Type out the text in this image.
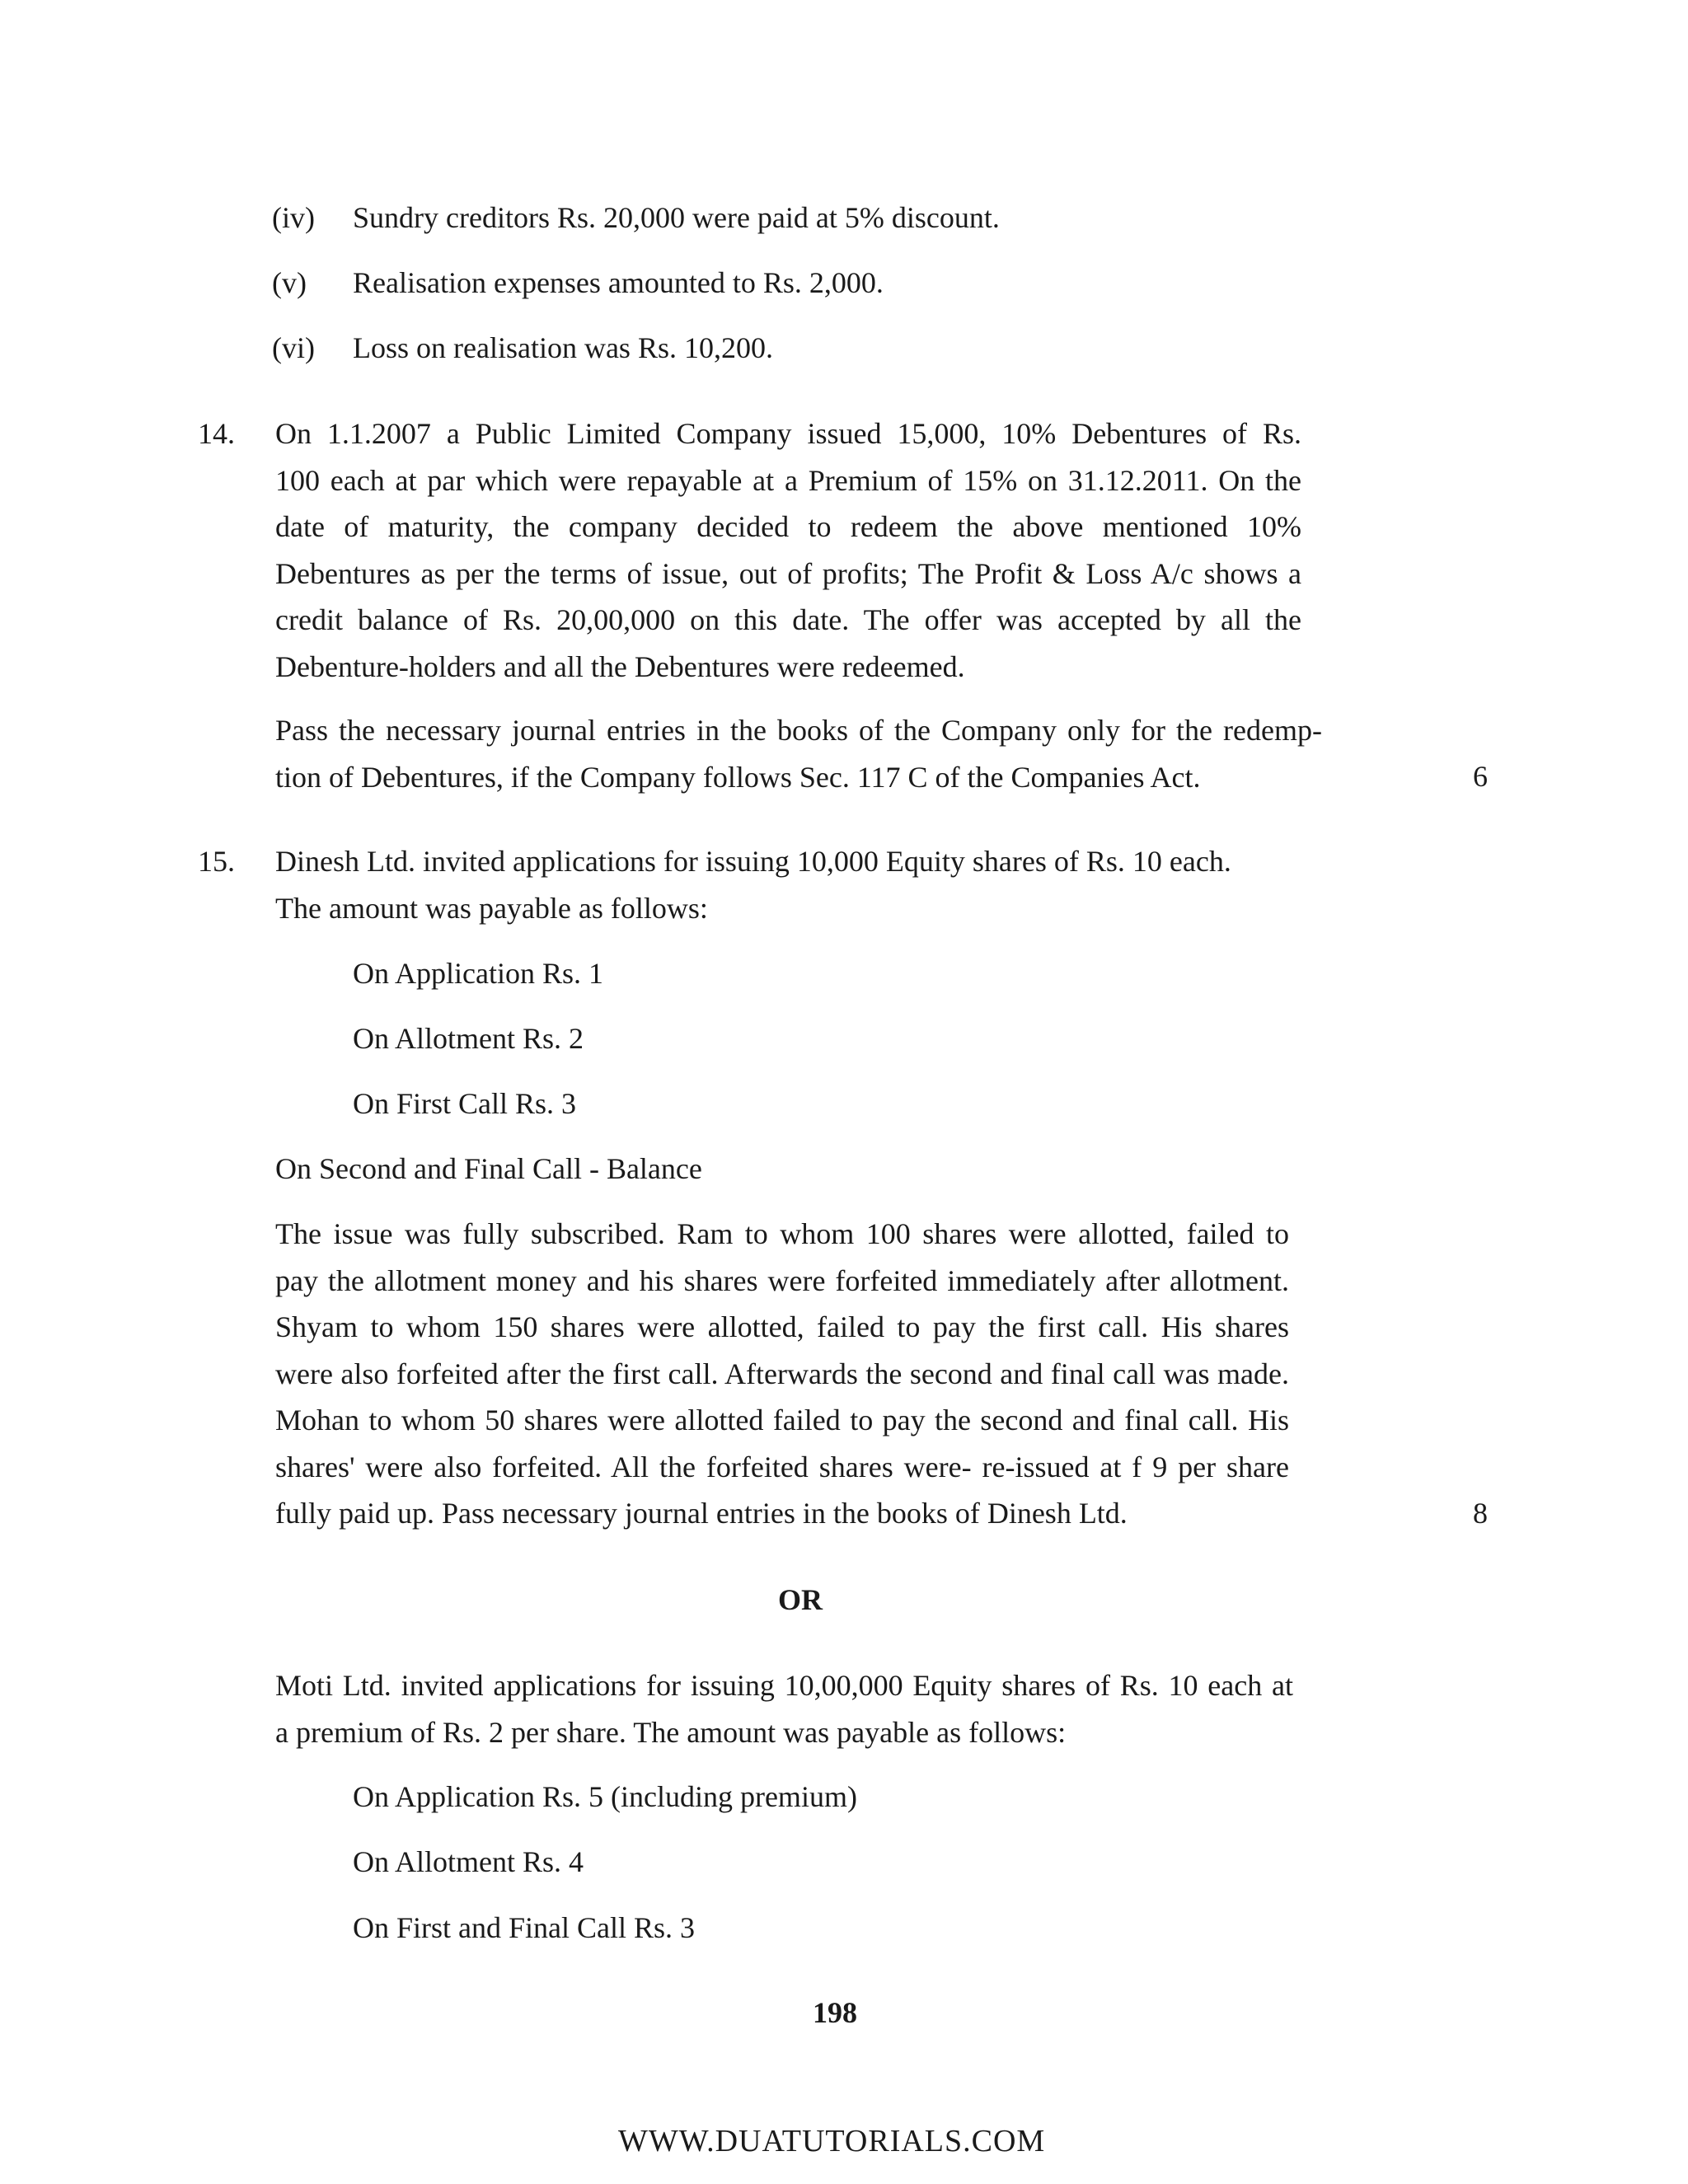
(iv) Sundry creditors Rs. 20,000 were paid at 5% discount.
(v) Realisation expenses amounted to Rs. 2,000.
(vi) Loss on realisation was Rs. 10,200.
14. On 1.1.2007 a Public Limited Company issued 15,000, 10% Debentures of Rs.
100 each at par which were repayable at a Premium of 15% on 31.12.2011. On the
date of maturity, the company decided to redeem the above mentioned 10%
Debentures as per the terms of issue, out of profits; The Profit & Loss A/c shows a
credit balance of Rs. 20,00,000 on this date. The offer was accepted by all the
Debenture-holders and all the Debentures were redeemed.
Pass the necessary journal entries in the books of the Company only for the redemp-
tion of Debentures, if the Company follows Sec. 117 C of the Companies Act.	6
15. Dinesh Ltd. invited applications for issuing 10,000 Equity shares of Rs. 10 each.
The amount was payable as follows:
On Application Rs. 1
On Allotment Rs. 2
On First Call Rs. 3
On Second and Final Call - Balance
The issue was fully subscribed. Ram to whom 100 shares were allotted, failed to
pay the allotment money and his shares were forfeited immediately after allotment.
Shyam to whom 150 shares were allotted, failed to pay the first call. His shares
were also forfeited after the first call. Afterwards the second and final call was made.
Mohan to whom 50 shares were allotted failed to pay the second and final call. His
shares' were also forfeited. All the forfeited shares were- re-issued at f 9 per share
fully paid up. Pass necessary journal entries in the books of Dinesh Ltd.	8
OR
Moti Ltd. invited applications for issuing 10,00,000 Equity shares of Rs. 10 each at
a premium of Rs. 2 per share. The amount was payable as follows:
On Application Rs. 5 (including premium)
On Allotment Rs. 4
On First and Final Call Rs. 3
198
WWW.DUATUTORIALS.COM
